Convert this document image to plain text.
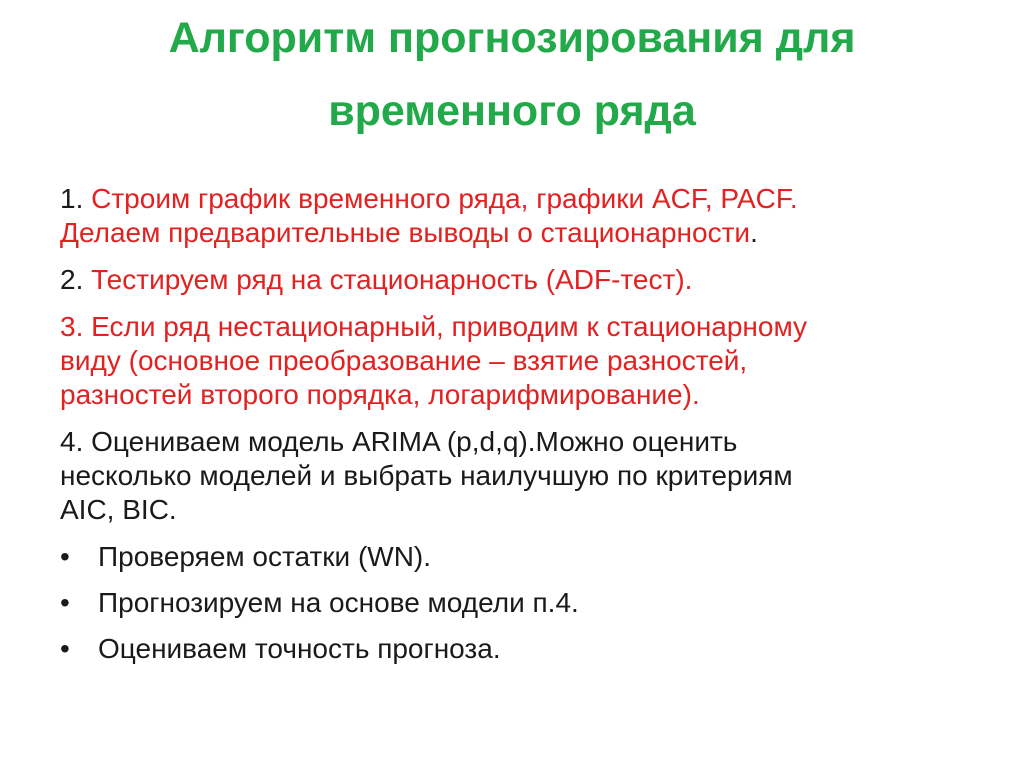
Алгоритм прогнозирования для
временного ряда
1. Строим график временного ряда, графики ACF, PACF.
Делаем предварительные выводы о стационарности.
2. Тестируем ряд на стационарность (ADF-тест).
3. Если ряд нестационарный, приводим к стационарному
виду (основное преобразование – взятие разностей,
разностей второго порядка, логарифмирование).
4. Оцениваем модель ARIMA (p,d,q).Можно оценить
несколько моделей и выбрать наилучшую по критериям
AIC, BIC.
•	Проверяем остатки (WN).
•	Прогнозируем на основе модели п.4.
•	Оцениваем точность прогноза.
